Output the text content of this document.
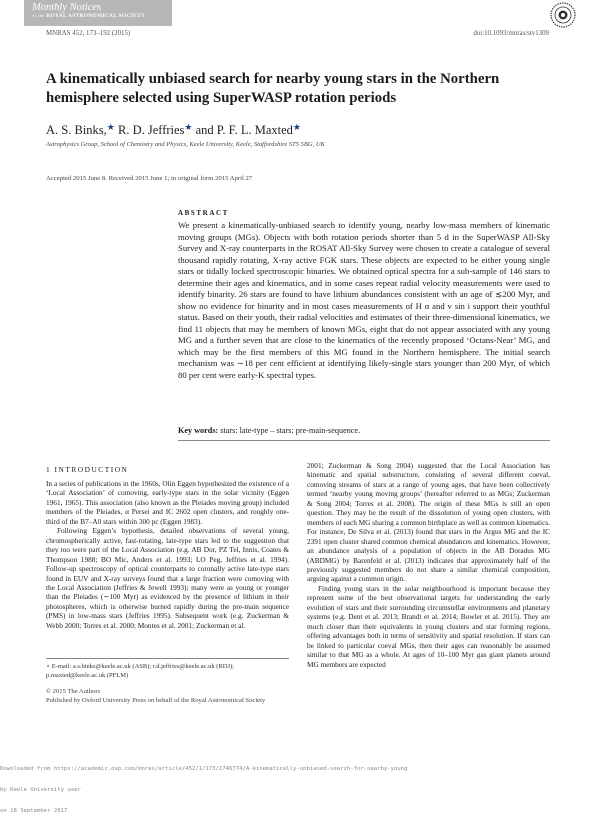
Monthly Notices
of the ROYAL ASTRONOMICAL SOCIETY
MNRAS 452, 173–192 (2015)	doi:10.1093/mnras/stv1309
A kinematically unbiased search for nearby young stars in the Northern hemisphere selected using SuperWASP rotation periods
A. S. Binks,★ R. D. Jeffries★ and P. F. L. Maxted★
Astrophysics Group, School of Chemistry and Physics, Keele University, Keele, Staffordshire ST5 5BG, UK
Accepted 2015 June 8. Received 2015 June 1; in original form 2015 April 27
ABSTRACT

We present a kinematically-unbiased search to identify young, nearby low-mass members of kinematic moving groups (MGs). Objects with both rotation periods shorter than 5 d in the SuperWASP All-Sky Survey and X-ray counterparts in the ROSAT All-Sky Survey were chosen to create a catalogue of several thousand rapidly rotating, X-ray active FGK stars. These objects are expected to be either young single stars or tidally locked spectroscopic binaries. We obtained optical spectra for a sub-sample of 146 stars to determine their ages and kinematics, and in some cases repeat radial velocity measurements were used to identify binarity. 26 stars are found to have lithium abundances consistent with an age of ≲200 Myr, and show no evidence for binarity and in most cases measurements of H α and v sin i support their youthful status. Based on their youth, their radial velocities and estimates of their three-dimensional kinematics, we find 11 objects that may be members of known MGs, eight that do not appear associated with any young MG and a further seven that are close to the kinematics of the recently proposed ‘Octans-Near’ MG, and which may be the first members of this MG found in the Northern hemisphere. The initial search mechanism was ∼18 per cent efficient at identifying likely-single stars younger than 200 Myr, of which 80 per cent were early-K spectral types.

Key words: stars: late-type – stars: pre-main-sequence.
1 INTRODUCTION

In a series of publications in the 1960s, Olin Eggen hypothesized the existence of a ‘Local Association’ of comoving, early-type stars in the solar vicinity (Eggen 1961, 1965). This association (also known as the Pleiades moving group) included members of the Pleiades, α Persei and IC 2602 open clusters, and roughly one-third of the B7–A0 stars within 300 pc (Eggen 1983).

Following Eggen’s hypothesis, detailed observations of several young, chromospherically active, fast-rotating, late-type stars led to the suggestion that they too were part of the Local Association (e.g. AB Dor, PZ Tel, Innis, Coates & Thompson 1988; BO Mic, Anders et al. 1993; LO Peg, Jeffries et al. 1994). Follow-up spectroscopy of optical counterparts to coronally active late-type stars found in EUV and X-ray surveys found that a large fraction were comoving with the Local Association (Jeffries & Jewell 1993); many were as young or younger than the Pleiades (∼100 Myr) as evidenced by the presence of lithium in their photospheres, which is otherwise burned rapidly during the pre-main sequence (PMS) in low-mass stars (Jeffries 1995). Subsequent work (e.g. Zuckerman & Webb 2000; Torres et al. 2000; Montes et al. 2001; Zuckerman et al.

2001; Zuckerman & Song 2004) suggested that the Local Association has kinematic and spatial substructure, consisting of several different coeval, comoving streams of stars at a range of young ages, that have been collectively termed ‘nearby young moving groups’ (hereafter referred to as MGs; Zuckerman & Song 2004; Torres et al. 2008). The origin of these MGs is still an open question. They may be the result of the dissolution of young open clusters, with members of each MG sharing a common birthplace as well as common kinematics. For instance, De Silva et al. (2013) found that stars in the Argus MG and the IC 2391 open cluster shared common chemical abundances and kinematics. However, an abundance analysis of a population of objects in the AB Doradus MG (ABDMG) by Barenfeld et al. (2013) indicates that approximately half of the previously suggested members do not share a similar chemical composition, arguing against a common origin.

Finding young stars in the solar neighbourhood is important because they represent some of the best observational targets for understanding the early evolution of stars and their surrounding circumstellar environments and planetary systems (e.g. Dent et al. 2013; Brandt et al. 2014; Bowler et al. 2015). They are much closer than their equivalents in young clusters and star forming regions, offering advantages both in terms of sensitivity and spatial resolution. If stars can be linked to particular coeval MGs, then their ages can reasonably be assumed similar to that MG as a whole. At ages of 10–100 Myr gas giant planets around MG members are expected

⋆ E-mail: a.s.binks@keele.ac.uk (ASB); r.d.jeffries@keele.ac.uk (RDJ); p.maxted@keele.ac.uk (PFLM)
© 2015 The Authors
Published by Oxford University Press on behalf of the Royal Astronomical Society

Downloaded from https://academic.oup.com/mnras/article/452/1/173/1746774/A-kinematically-unbiased-search-for-nearby-young

by Keele University user

on 18 September 2017
